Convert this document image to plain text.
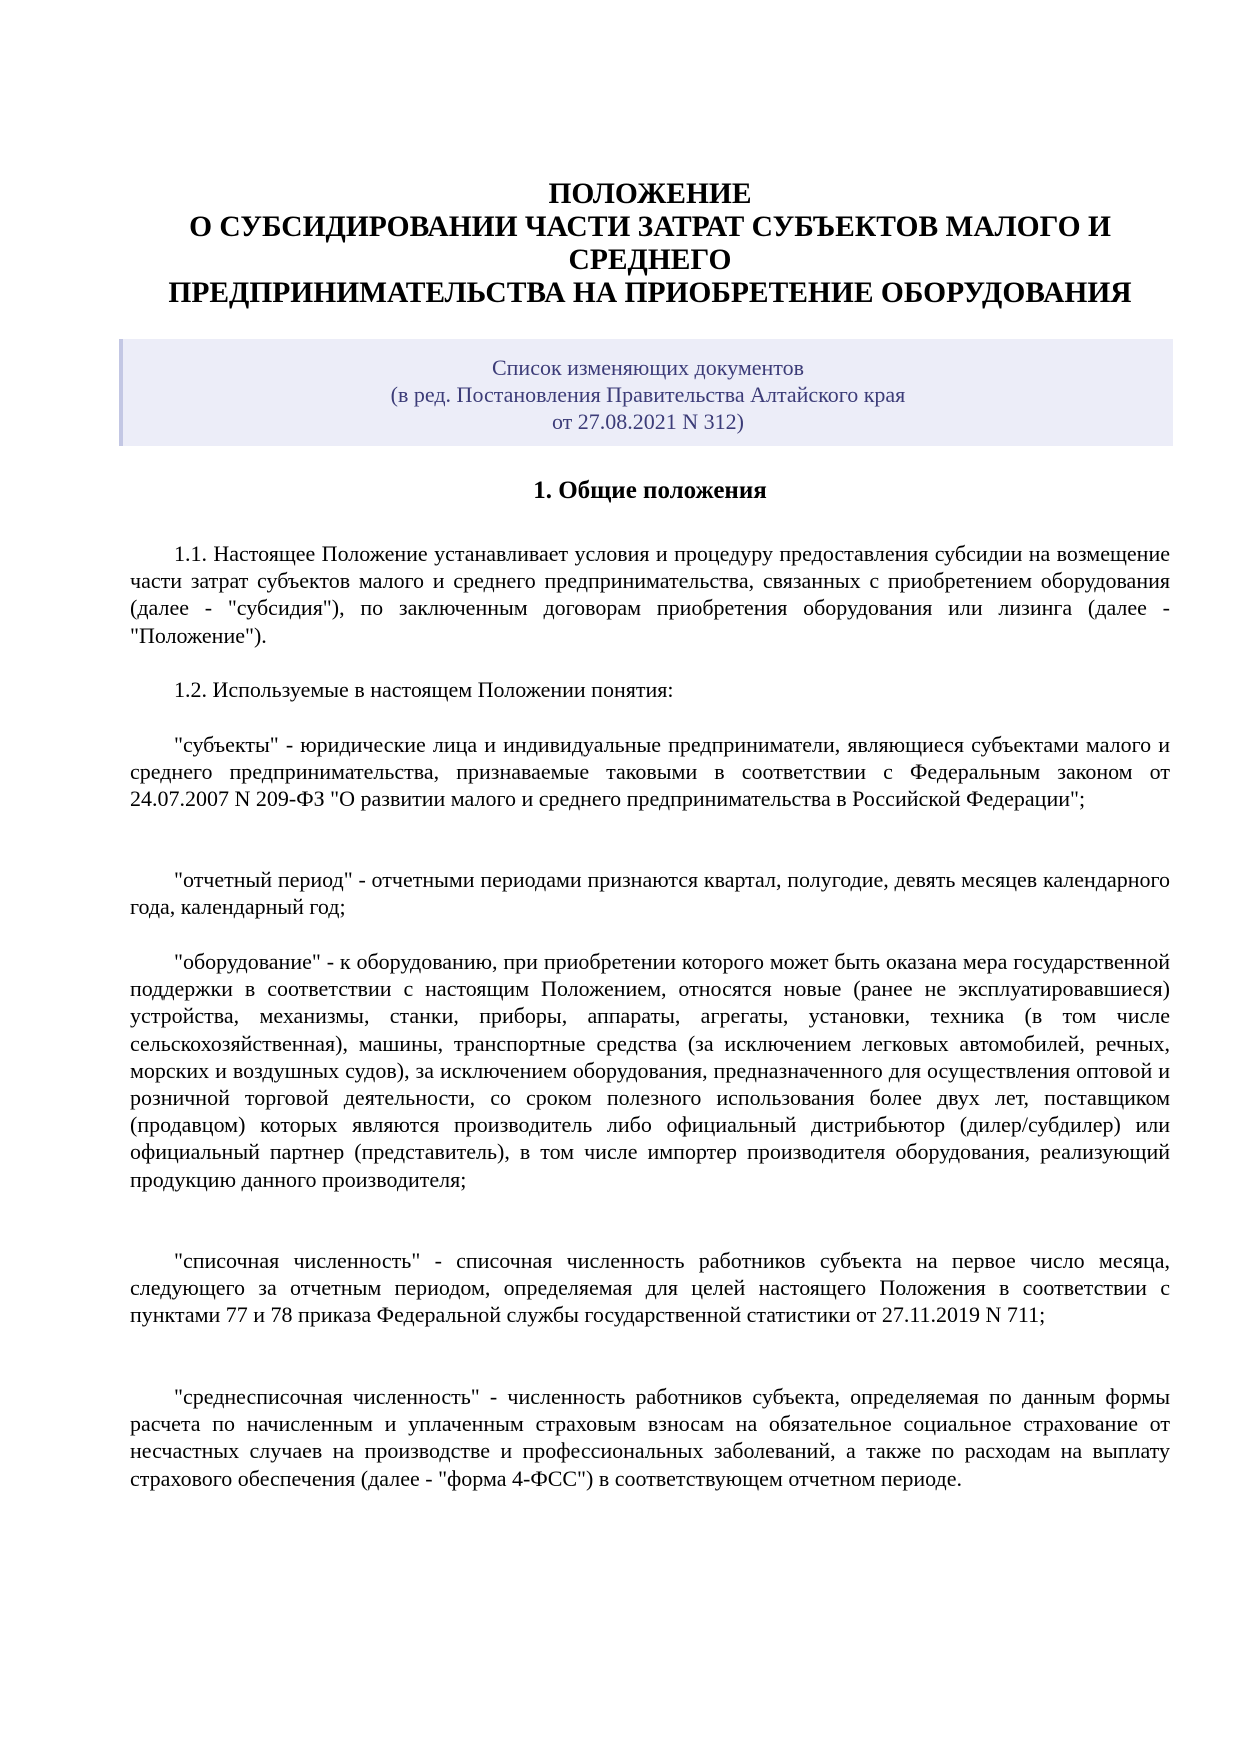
ПОЛОЖЕНИЕ
О СУБСИДИРОВАНИИ ЧАСТИ ЗАТРАТ СУБЪЕКТОВ МАЛОГО И
СРЕДНЕГО
ПРЕДПРИНИМАТЕЛЬСТВА НА ПРИОБРЕТЕНИЕ ОБОРУДОВАНИЯ
Список изменяющих документов
(в ред. Постановления Правительства Алтайского края
от 27.08.2021 N 312)
1. Общие положения
1.1. Настоящее Положение устанавливает условия и процедуру предоставления субсидии на возмещение части затрат субъектов малого и среднего предпринимательства, связанных с приобретением оборудования (далее - "субсидия"), по заключенным договорам приобретения оборудования или лизинга (далее - "Положение").
1.2. Используемые в настоящем Положении понятия:
"субъекты" - юридические лица и индивидуальные предприниматели, являющиеся субъектами малого и среднего предпринимательства, признаваемые таковыми в соответствии с Федеральным законом от 24.07.2007 N 209-ФЗ "О развитии малого и среднего предпринимательства в Российской Федерации";
"отчетный период" - отчетными периодами признаются квартал, полугодие, девять месяцев календарного года, календарный год;
"оборудование" - к оборудованию, при приобретении которого может быть оказана мера государственной поддержки в соответствии с настоящим Положением, относятся новые (ранее не эксплуатировавшиеся) устройства, механизмы, станки, приборы, аппараты, агрегаты, установки, техника (в том числе сельскохозяйственная), машины, транспортные средства (за исключением легковых автомобилей, речных, морских и воздушных судов), за исключением оборудования, предназначенного для осуществления оптовой и розничной торговой деятельности, со сроком полезного использования более двух лет, поставщиком (продавцом) которых являются производитель либо официальный дистрибьютор (дилер/субдилер) или официальный партнер (представитель), в том числе импортер производителя оборудования, реализующий продукцию данного производителя;
"списочная численность" - списочная численность работников субъекта на первое число месяца, следующего за отчетным периодом, определяемая для целей настоящего Положения в соответствии с пунктами 77 и 78 приказа Федеральной службы государственной статистики от 27.11.2019 N 711;
"среднесписочная численность" - численность работников субъекта, определяемая по данным формы расчета по начисленным и уплаченным страховым взносам на обязательное социальное страхование от несчастных случаев на производстве и профессиональных заболеваний, а также по расходам на выплату страхового обеспечения (далее - "форма 4-ФСС") в соответствующем отчетном периоде.
